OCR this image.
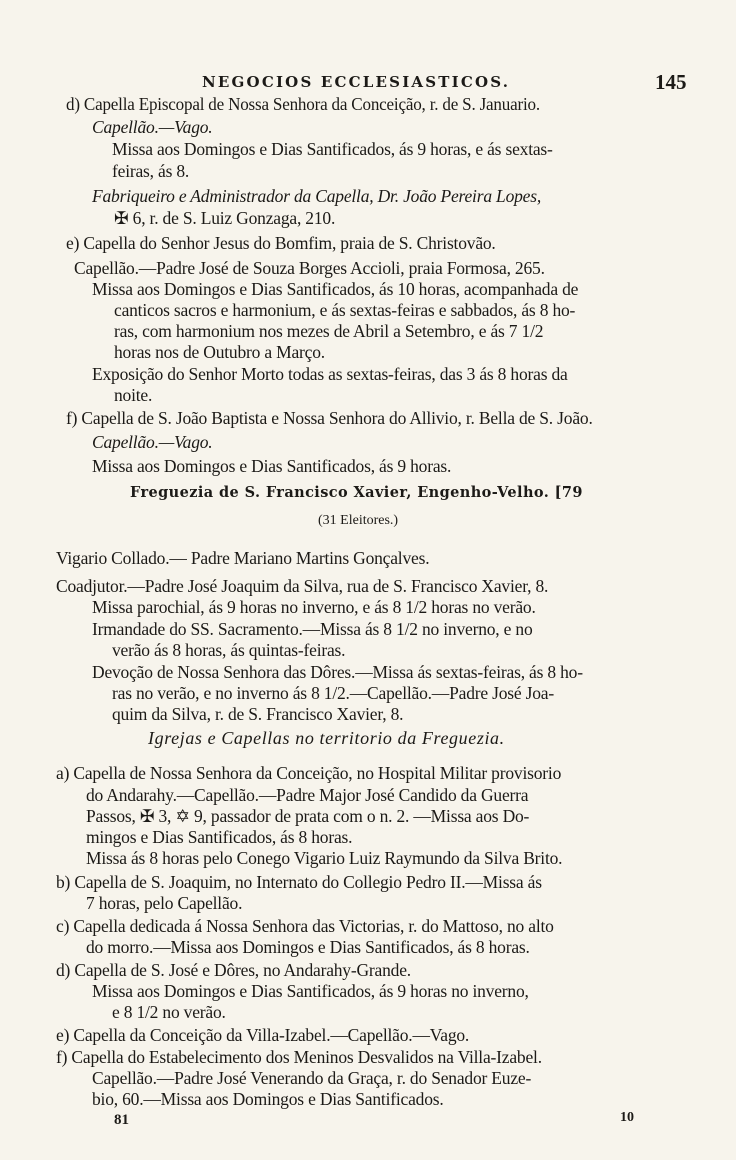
NEGOCIOS ECCLESIASTICOS.	145
d) Capella Episcopal de Nossa Senhora da Conceição, r. de S. Januario.
Capellão.—Vago.
Missa aos Domingos e Dias Santificados, ás 9 horas, e ás sextas-
feiras, ás 8.
Fabriqueiro e Administrador da Capella, Dr. João Pereira Lopes,
✠ 6, r. de S. Luiz Gonzaga, 210.
e) Capella do Senhor Jesus do Bomfim, praia de S. Christovão.
Capellão.—Padre José de Souza Borges Accioli, praia Formosa, 265.
Missa aos Domingos e Dias Santificados, ás 10 horas, acompanhada de
canticos sacros e harmonium, e ás sextas-feiras e sabbados, ás 8 ho-
ras, com harmonium nos mezes de Abril a Setembro, e ás 7 1/2
horas nos de Outubro a Março.
Exposição do Senhor Morto todas as sextas-feiras, das 3 ás 8 horas da
noite.
f) Capella de S. João Baptista e Nossa Senhora do Allivio, r. Bella de S. João.
Capellão.—Vago.
Missa aos Domingos e Dias Santificados, ás 9 horas.
Freguezia de S. Francisco Xavier, Engenho-Velho. [79
(31 Eleitores.)
Vigario Collado.— Padre Mariano Martins Gonçalves.
Coadjutor.—Padre José Joaquim da Silva, rua de S. Francisco Xavier, 8.
Missa parochial, ás 9 horas no inverno, e ás 8 1/2 horas no verão.
Irmandade do SS. Sacramento.—Missa ás 8 1/2 no inverno, e no
verão ás 8 horas, ás quintas-feiras.
Devoção de Nossa Senhora das Dôres.—Missa ás sextas-feiras, ás 8 ho-
ras no verão, e no inverno ás 8 1/2.—Capellão.—Padre José Joa-
quim da Silva, r. de S. Francisco Xavier, 8.
Igrejas e Capellas no territorio da Freguezia.
a) Capella de Nossa Senhora da Conceição, no Hospital Militar provisorio
do Andarahy.—Capellão.—Padre Major José Candido da Guerra
Passos, ✠ 3, ✡ 9, passador de prata com o n. 2. —Missa aos Do-
mingos e Dias Santificados, ás 8 horas.
Missa ás 8 horas pelo Conego Vigario Luiz Raymundo da Silva Brito.
b) Capella de S. Joaquim, no Internato do Collegio Pedro II.—Missa ás
7 horas, pelo Capellão.
c) Capella dedicada á Nossa Senhora das Victorias, r. do Mattoso, no alto
do morro.—Missa aos Domingos e Dias Santificados, ás 8 horas.
d) Capella de S. José e Dôres, no Andarahy-Grande.
Missa aos Domingos e Dias Santificados, ás 9 horas no inverno,
e 8 1/2 no verão.
e) Capella da Conceição da Villa-Izabel.—Capellão.—Vago.
f) Capella do Estabelecimento dos Meninos Desvalidos na Villa-Izabel.
Capellão.—Padre José Venerando da Graça, r. do Senador Euze-
bio, 60.—Missa aos Domingos e Dias Santificados.
81	10
